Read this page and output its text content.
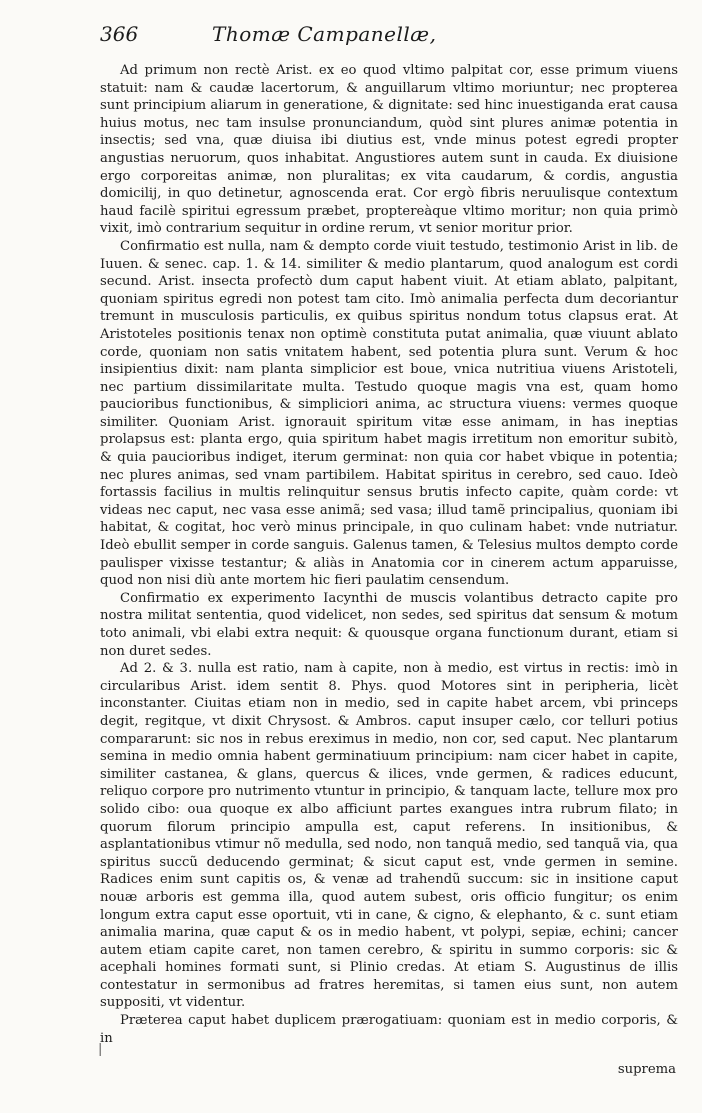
366	Thomæ Campanellæ,

Ad primum non rectè Arist. ex eo quod vltimo palpitat cor, esse primum viuens statuit: nam & caudæ lacertorum, & anguillarum vltimo moriuntur; nec propterea sunt principium aliarum in generatione, & dignitate: sed hinc inuestiganda erat causa huius motus, nec tam insulse pronunciandum, quòd sint plures animæ potentia in insectis; sed vna, quæ diuisa ibi diutius est, vnde minus potest egredi propter angustias neruorum, quos inhabitat. Angustiores autem sunt in cauda. Ex diuisione ergo corporeitas animæ, non pluralitas; ex vita caudarum, & cordis, angustia domicilij, in quo detinetur, agnoscenda erat. Cor ergò fibris neruulisque contextum haud facilè spiritui egressum præbet, proptereàque vltimo moritur; non quia primò vixit, imò contrarium sequitur in ordine rerum, vt senior moritur prior.

Confirmatio est nulla, nam & dempto corde viuit testudo, testimonio Arist in lib. de Iuuen. & senec. cap. 1. & 14. similiter & medio plantarum, quod analogum est cordi secund. Arist. insecta profectò dum caput habent viuit. At etiam ablato, palpitant, quoniam spiritus egredi non potest tam cito. Imò animalia perfecta dum decoriantur tremunt in musculosis particulis, ex quibus spiritus nondum totus clapsus erat. At Aristoteles positionis tenax non optimè constituta putat animalia, quæ viuunt ablato corde, quoniam non satis vnitatem habent, sed potentia plura sunt. Verum & hoc insipientius dixit: nam planta simplicior est boue, vnica nutritiua viuens Aristoteli, nec partium dissimilaritate multa. Testudo quoque magis vna est, quam homo paucioribus functionibus, & simpliciori anima, ac structura viuens: vermes quoque similiter. Quoniam Arist. ignorauit spiritum vitæ esse animam, in has ineptias prolapsus est: planta ergo, quia spiritum habet magis irretitum non emoritur subitò, & quia paucioribus indiget, iterum germinat: non quia cor habet vbique in potentia; nec plures animas, sed vnam partibilem. Habitat spiritus in cerebro, sed cauo. Ideò fortassis facilius in multis relinquitur sensus brutis infecto capite, quàm corde: vt videas nec caput, nec vasa esse animã; sed vasa; illud tamẽ principalius, quoniam ibi habitat, & cogitat, hoc verò minus principale, in quo culinam habet: vnde nutriatur. Ideò ebullit semper in corde sanguis. Galenus tamen, & Telesius multos dempto corde paulisper vixisse testantur; & aliàs in Anatomia cor in cinerem actum apparuisse, quod non nisi diù ante mortem hic fieri paulatim censendum.

Confirmatio ex experimento Iacynthi de muscis volantibus detracto capite pro nostra militat sententia, quod videlicet, non sedes, sed spiritus dat sensum & motum toto animali, vbi elabi extra nequit: & quousque organa functionum durant, etiam si non duret sedes.

Ad 2. & 3. nulla est ratio, nam à capite, non à medio, est virtus in rectis: imò in circularibus Arist. idem sentit 8. Phys. quod Motores sint in peripheria, licèt inconstanter. Ciuitas etiam non in medio, sed in capite habet arcem, vbi princeps degit, regitque, vt dixit Chrysost. & Ambros. caput insuper cælo, cor telluri potius compararunt: sic nos in rebus ereximus in medio, non cor, sed caput. Nec plantarum semina in medio omnia habent germinatiuum principium: nam cicer habet in capite, similiter castanea, & glans, quercus & ilices, vnde germen, & radices educunt, reliquo corpore pro nutrimento vtuntur in principio, & tanquam lacte, tellure mox pro solido cibo: oua quoque ex albo afficiunt partes exangues intra rubrum filato; in quorum filorum principio ampulla est, caput referens. In insitionibus, & asplantationibus vtimur nõ medulla, sed nodo, non tanquã medio, sed tanquã via, qua spiritus succũ deducendo germinat; & sicut caput est, vnde germen in semine. Radices enim sunt capitis os, & venæ ad trahendũ succum: sic in insitione caput nouæ arboris est gemma illa, quod autem subest, oris officio fungitur; os enim longum extra caput esse oportuit, vti in cane, & cigno, & elephanto, & c. sunt etiam animalia marina, quæ caput & os in medio habent, vt polypi, sepiæ, echini; cancer autem etiam capite caret, non tamen cerebro, & spiritu in summo corporis: sic & acephali homines formati sunt, si Plinio credas. At etiam S. Augustinus de illis contestatur in sermonibus ad fratres heremitas, si tamen eius sunt, non autem suppositi, vt videntur.

Præterea caput habet duplicem prærogatiuam: quoniam est in medio corporis, & in

|
suprema
